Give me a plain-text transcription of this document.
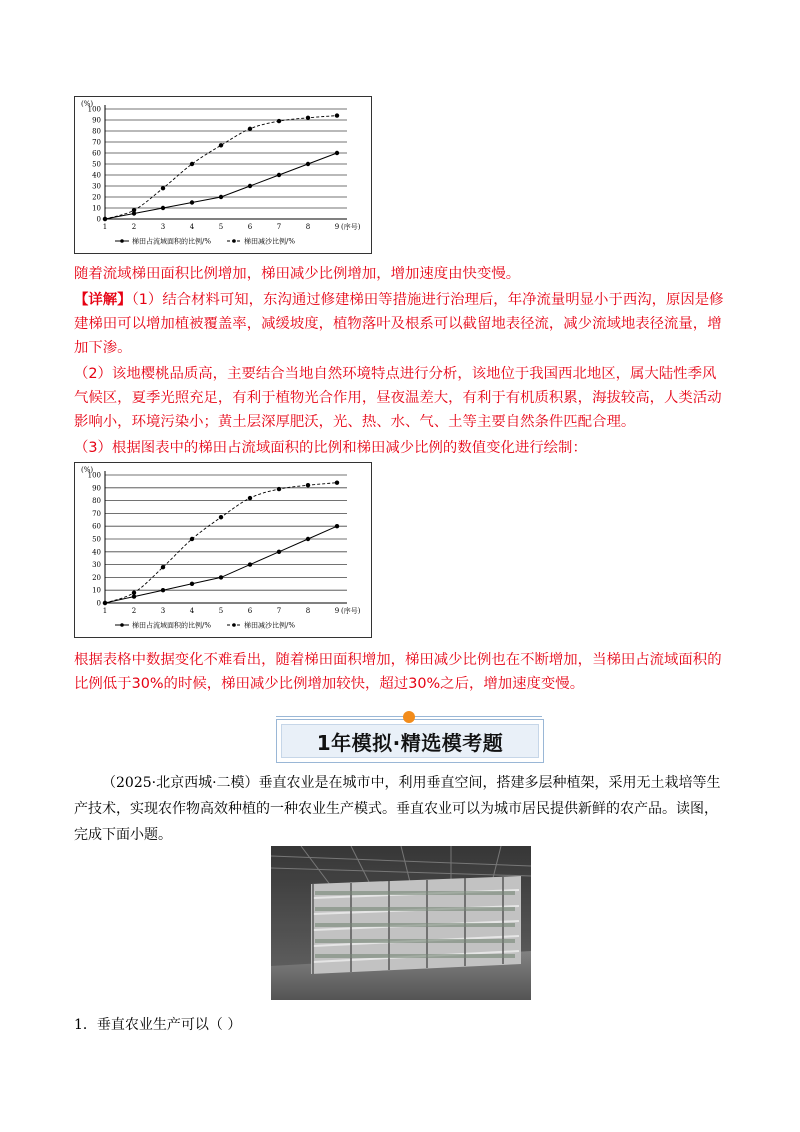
(%)
0
10
20
30
40
50
60
70
80
90
100
1	2	3	4	5	6	7	8	9 (序号)
梯田占流域面积的比例/%	梯田减沙比例/%

随着流域梯田面积比例增加，梯田减少比例增加，增加速度由快变慢。

【详解】（1）结合材料可知，东沟通过修建梯田等措施进行治理后，年净流量明显小于西沟，原因是修建梯田可以增加植被覆盖率，减缓坡度，植物落叶及根系可以截留地表径流，减少流域地表径流量，增加下渗。

（2）该地樱桃品质高，主要结合当地自然环境特点进行分析，该地位于我国西北地区，属大陆性季风气候区，夏季光照充足，有利于植物光合作用，昼夜温差大，有利于有机质积累，海拔较高，人类活动影响小，环境污染小；黄土层深厚肥沃，光、热、水、气、土等主要自然条件匹配合理。

（3）根据图表中的梯田占流域面积的比例和梯田减少比例的数值变化进行绘制：

(%)
0
10
20
30
40
50
60
70
80
90
100
1	2	3	4	5	6	7	8	9 (序号)
梯田占流域面积的比例/%	梯田减沙比例/%

根据表格中数据变化不难看出，随着梯田面积增加，梯田减少比例也在不断增加，当梯田占流域面积的比例低于30%的时候，梯田减少比例增加较快，超过30%之后，增加速度变慢。

1年模拟·精选模考题

（2025·北京西城·二模）垂直农业是在城市中，利用垂直空间，搭建多层种植架，采用无土栽培等生产技术，实现农作物高效种植的一种农业生产模式。垂直农业可以为城市居民提供新鲜的农产品。读图，完成下面小题。

1．垂直农业生产可以（ ）
